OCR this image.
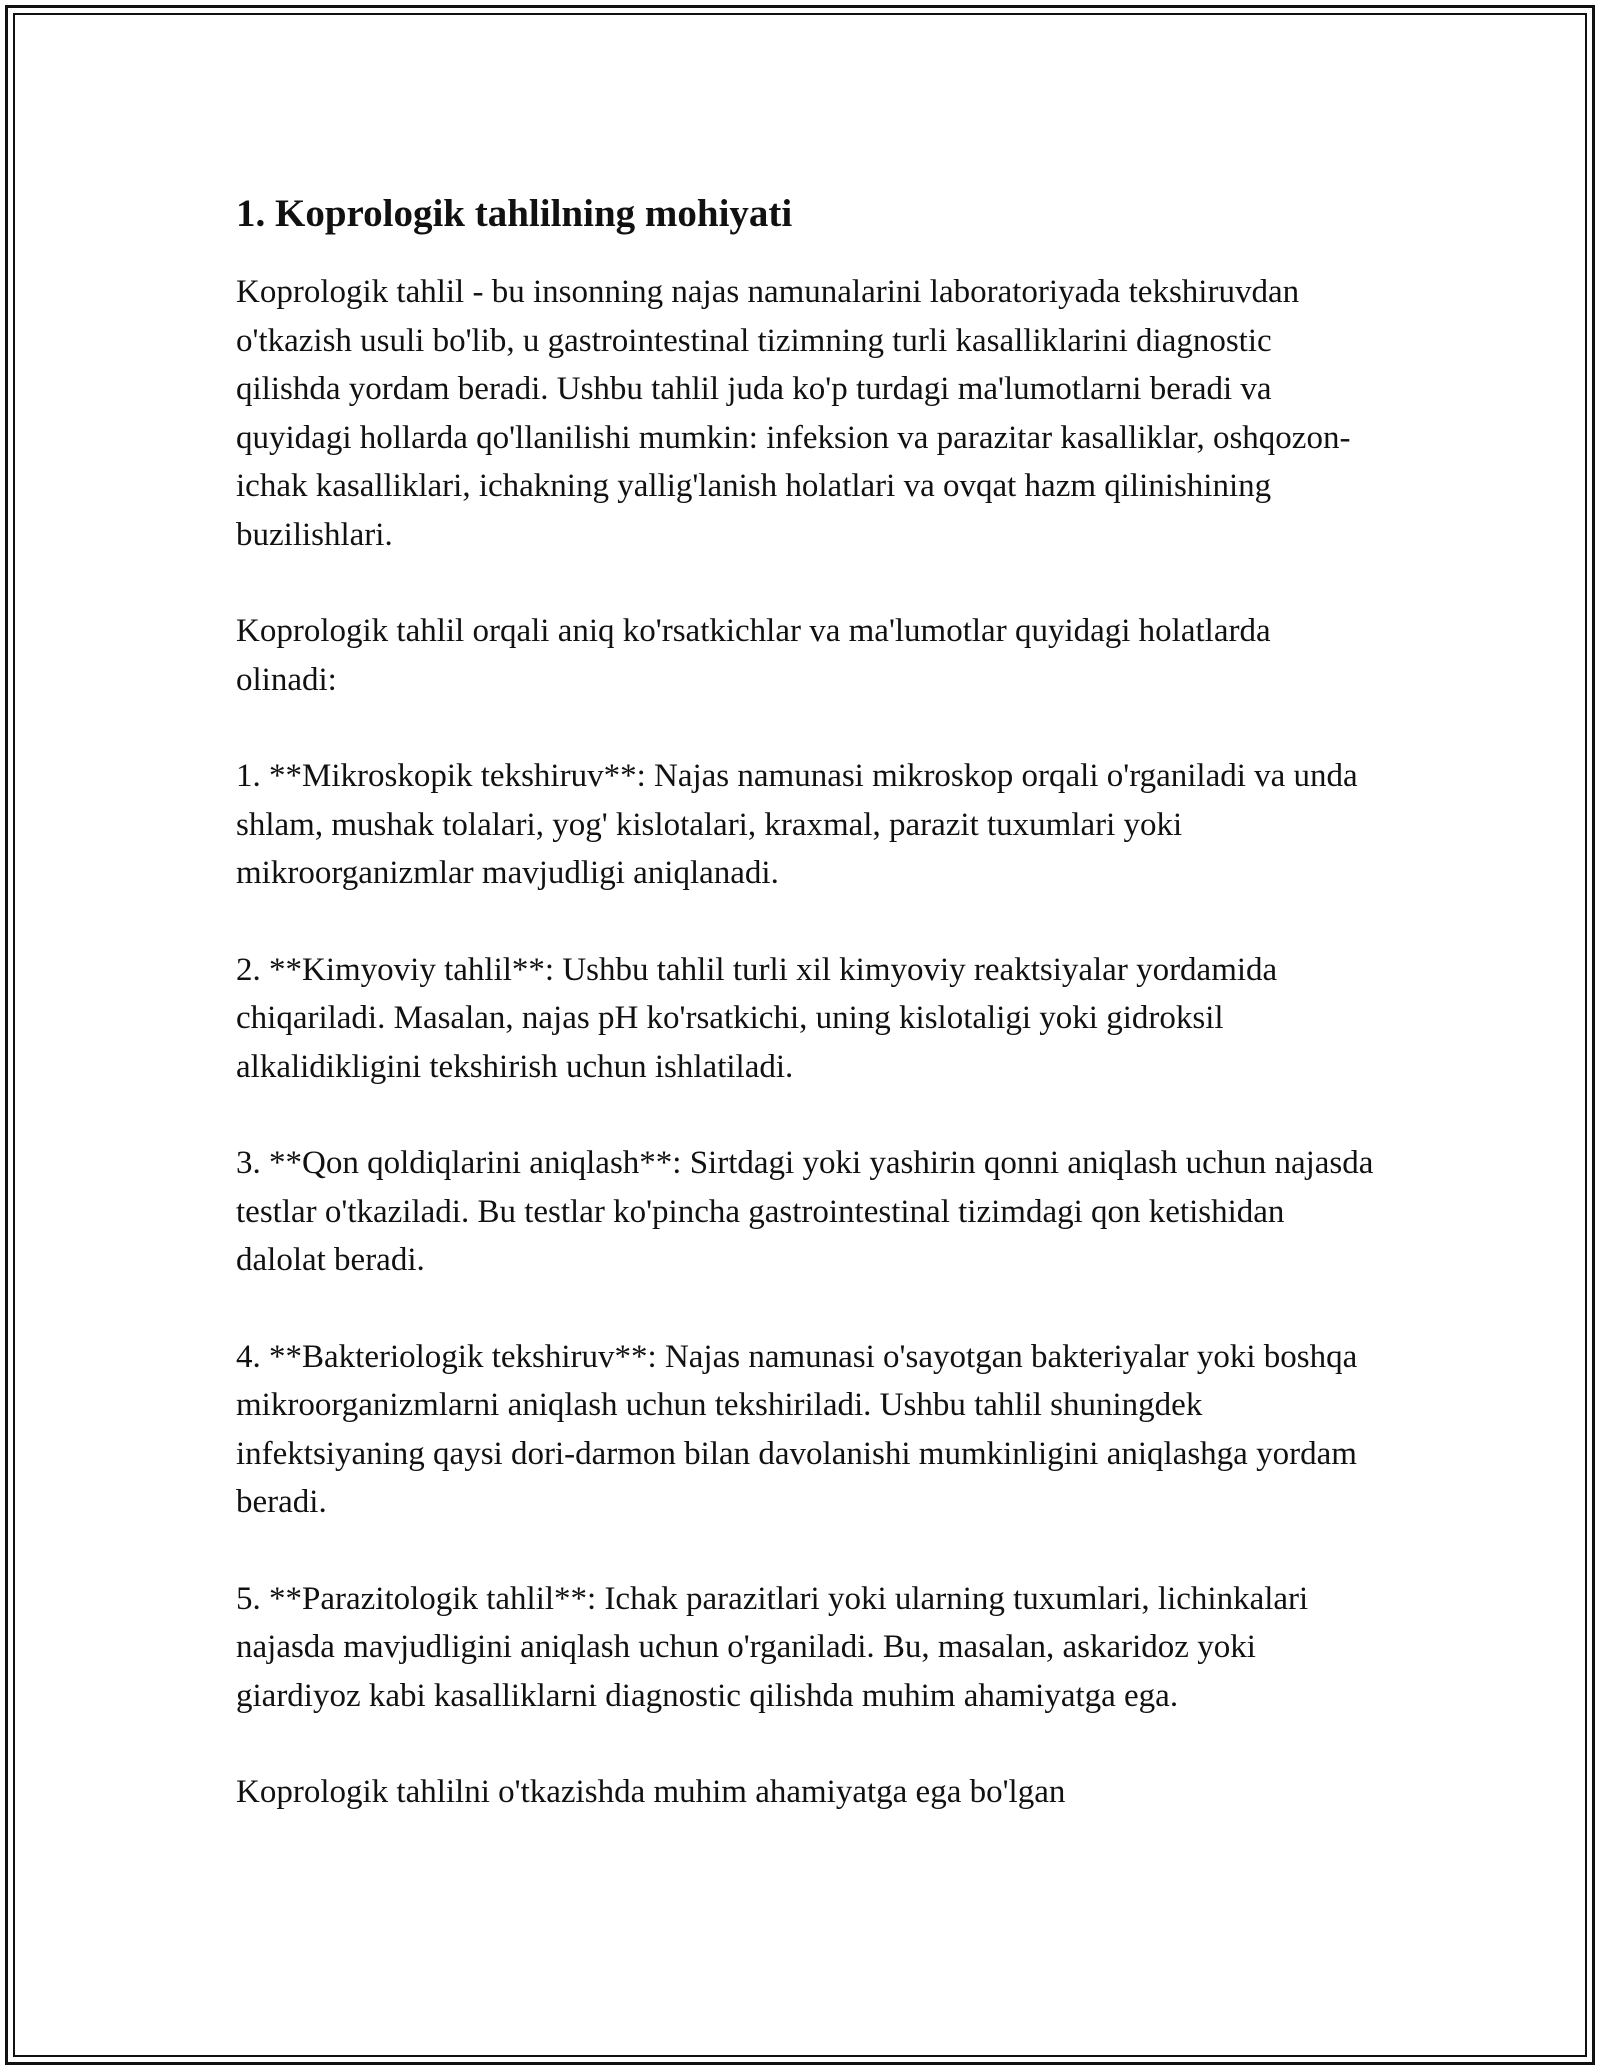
1. Koprologik tahlilning mohiyati

Koprologik tahlil - bu insonning najas namunalarini laboratoriyada tekshiruvdan o'tkazish usuli bo'lib, u gastrointestinal tizimning turli kasalliklarini diagnostic qilishda yordam beradi. Ushbu tahlil juda ko'p turdagi ma'lumotlarni beradi va quyidagi hollarda qo'llanilishi mumkin: infeksion va parazitar kasalliklar, oshqozon-ichak kasalliklari, ichakning yallig'lanish holatlari va ovqat hazm qilinishining buzilishlari.

Koprologik tahlil orqali aniq ko'rsatkichlar va ma'lumotlar quyidagi holatlarda olinadi:

1. **Mikroskopik tekshiruv**: Najas namunasi mikroskop orqali o'rganiladi va unda shlam, mushak tolalari, yog' kislotalari, kraxmal, parazit tuxumlari yoki mikroorganizmlar mavjudligi aniqlanadi.

2. **Kimyoviy tahlil**: Ushbu tahlil turli xil kimyoviy reaktsiyalar yordamida chiqariladi. Masalan, najas pH ko'rsatkichi, uning kislotaligi yoki gidroksil alkalidikligini tekshirish uchun ishlatiladi.

3. **Qon qoldiqlarini aniqlash**: Sirtdagi yoki yashirin qonni aniqlash uchun najasda testlar o'tkaziladi. Bu testlar ko'pincha gastrointestinal tizimdagi qon ketishidan dalolat beradi.

4. **Bakteriologik tekshiruv**: Najas namunasi o'sayotgan bakteriyalar yoki boshqa mikroorganizmlarni aniqlash uchun tekshiriladi. Ushbu tahlil shuningdek infektsiyaning qaysi dori-darmon bilan davolanishi mumkinligini aniqlashga yordam beradi.

5. **Parazitologik tahlil**: Ichak parazitlari yoki ularning tuxumlari, lichinkalari najasda mavjudligini aniqlash uchun o'rganiladi. Bu, masalan, askaridoz yoki giardiyoz kabi kasalliklarni diagnostic qilishda muhim ahamiyatga ega.

Koprologik tahlilni o'tkazishda muhim ahamiyatga ega bo'lgan
